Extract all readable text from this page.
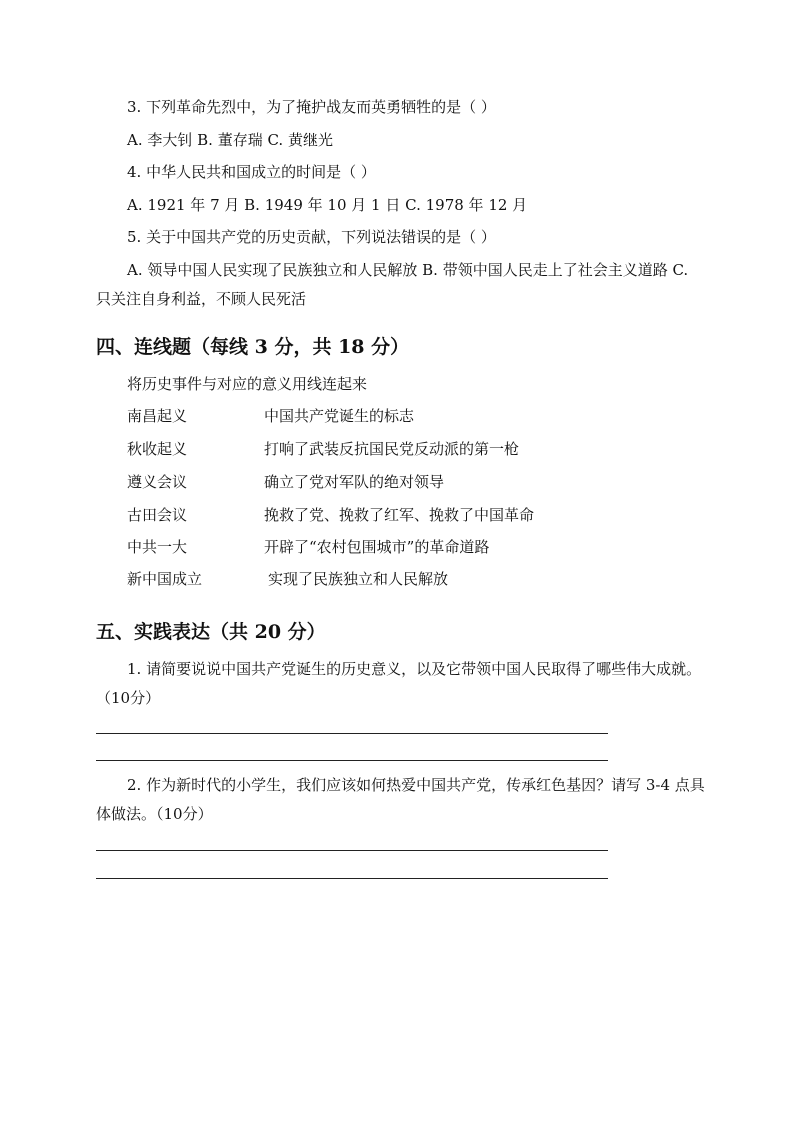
3. 下列革命先烈中，为了掩护战友而英勇牺牲的是（ ）
A. 李大钊 B. 董存瑞 C. 黄继光
4. 中华人民共和国成立的时间是（ ）
A. 1921 年 7 月 B. 1949 年 10 月 1 日 C. 1978 年 12 月
5. 关于中国共产党的历史贡献，下列说法错误的是（ ）
A. 领导中国人民实现了民族独立和人民解放 B. 带领中国人民走上了社会主义道路 C. 只关注自身利益，不顾人民死活
四、连线题（每线 3 分，共 18 分）
将历史事件与对应的意义用线连起来
南昌起义	中国共产党诞生的标志
秋收起义	打响了武装反抗国民党反动派的第一枪
遵义会议	确立了党对军队的绝对领导
古田会议	挽救了党、挽救了红军、挽救了中国革命
中共一大	开辟了“农村包围城市”的革命道路
新中国成立	实现了民族独立和人民解放
五、实践表达（共 20 分）
1. 请简要说说中国共产党诞生的历史意义，以及它带领中国人民取得了哪些伟大成就。（10分）
2. 作为新时代的小学生，我们应该如何热爱中国共产党，传承红色基因？请写 3-4 点具体做法。（10分）
